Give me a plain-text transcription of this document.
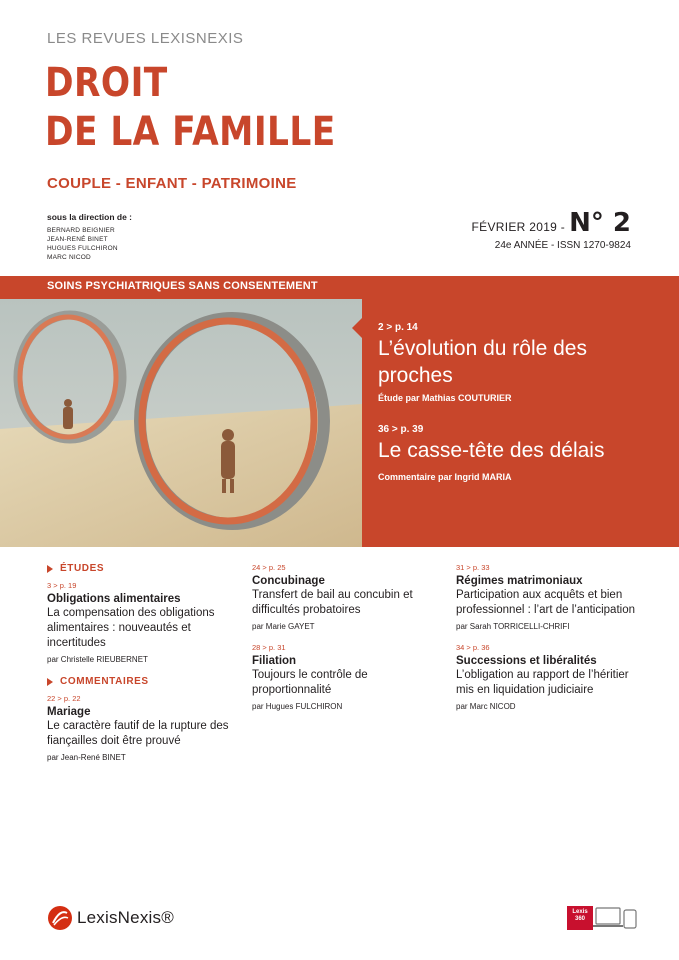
LES REVUES LEXISNEXIS
DROIT
DE LA FAMILLE
COUPLE - ENFANT - PATRIMOINE
sous la direction de :
BERNARD BEIGNIER
JEAN-RENÉ BINET
HUGUES FULCHIRON
MARC NICOD
FÉVRIER 2019 - N° 2
24e ANNÉE - ISSN 1270-9824
SOINS PSYCHIATRIQUES SANS CONSENTEMENT
2 > p. 14
L’évolution du rôle des proches
Étude par Mathias COUTURIER
36 > p. 39
Le casse-tête des délais
Commentaire par Ingrid MARIA
ÉTUDES
3 > p. 19
Obligations alimentaires
La compensation des obligations alimentaires : nouveautés et incertitudes
par Christelle RIEUBERNET
COMMENTAIRES
22 > p. 22
Mariage
Le caractère fautif de la rupture des fiançailles doit être prouvé
par Jean-René BINET
24 > p. 25
Concubinage
Transfert de bail au concubin et difficultés probatoires
par Marie GAYET
28 > p. 31
Filiation
Toujours le contrôle de proportionnalité
par Hugues FULCHIRON
31 > p. 33
Régimes matrimoniaux
Participation aux acquêts et bien professionnel : l’art de l’anticipation
par Sarah TORRICELLI-CHRIFI
34 > p. 36
Successions et libéralités
L’obligation au rapport de l’héritier mis en liquidation judiciaire
par Marc NICOD
LexisNexis®	Lexis 360
